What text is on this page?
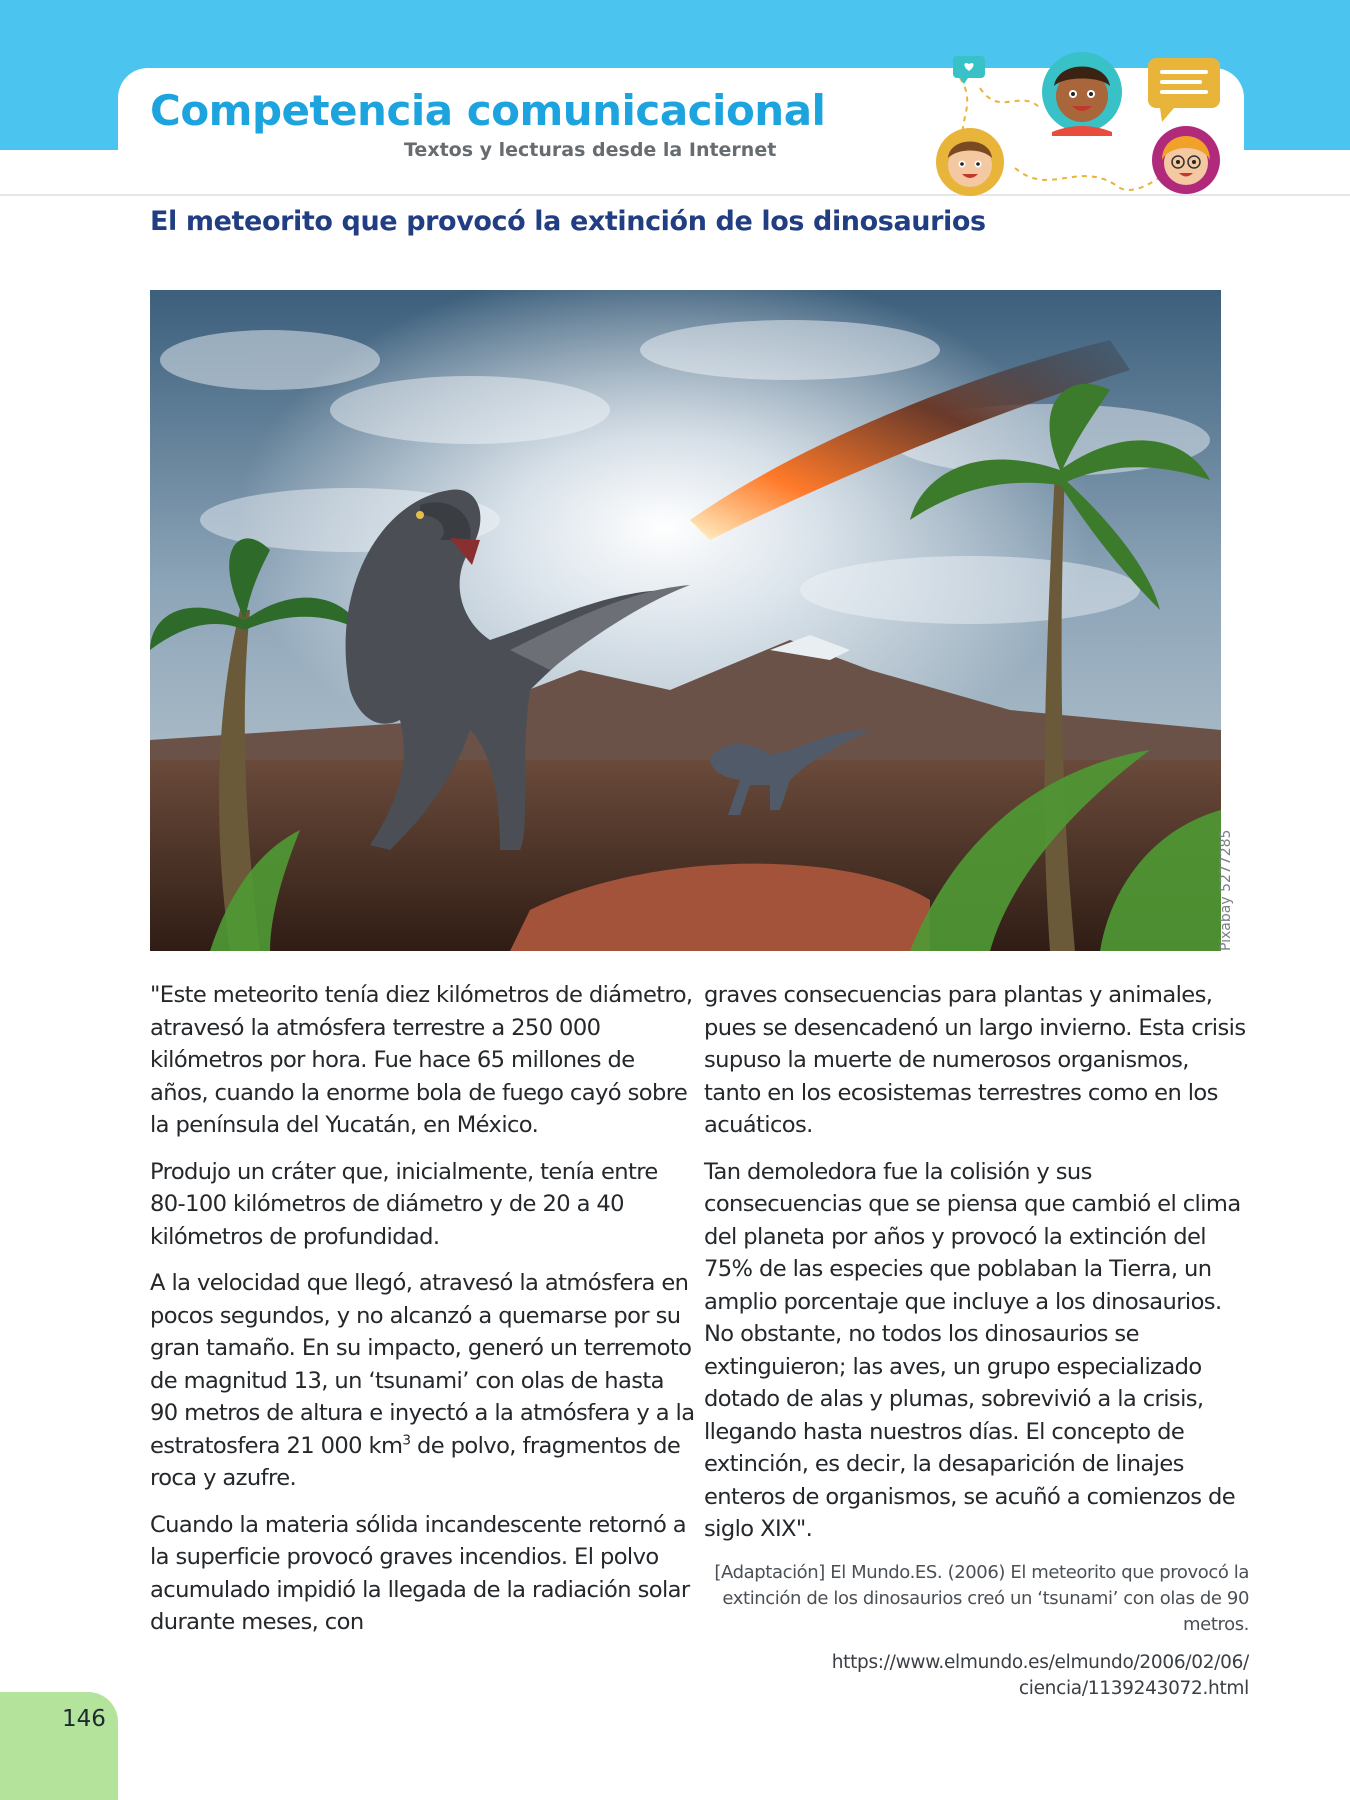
Competencia comunicacional
Textos y lecturas desde la Internet
El meteorito que provocó la extinción de los dinosaurios
Pixabay 5277285

"Este meteorito tenía diez kilómetros de diámetro, atravesó la atmósfera terrestre a 250 000 kilómetros por hora. Fue hace 65 millones de años, cuando la enorme bola de fuego cayó sobre la península del Yucatán, en México.

Produjo un cráter que, inicialmente, tenía entre 80-100 kilómetros de diámetro y de 20 a 40 kilómetros de profundidad.

A la velocidad que llegó, atravesó la atmósfera en pocos segundos, y no alcanzó a quemarse por su gran tamaño. En su impacto, generó un terremoto de magnitud 13, un ‘tsunami’ con olas de hasta 90 metros de altura e inyectó a la atmósfera y a la estratosfera 21 000 $km^3$ de polvo, fragmentos de roca y azufre.

Cuando la materia sólida incandescente retornó a la superficie provocó graves incendios. El polvo acumulado impidió la llegada de la radiación solar durante meses, con

graves consecuencias para plantas y animales, pues se desencadenó un largo invierno. Esta crisis supuso la muerte de numerosos organismos, tanto en los ecosistemas terrestres como en los acuáticos.

Tan demoledora fue la colisión y sus consecuencias que se piensa que cambió el clima del planeta por años y provocó la extinción del 75% de las especies que poblaban la Tierra, un amplio porcentaje que incluye a los dinosaurios. No obstante, no todos los dinosaurios se extinguieron; las aves, un grupo especializado dotado de alas y plumas, sobrevivió a la crisis, llegando hasta nuestros días. El concepto de extinción, es decir, la desaparición de linajes enteros de organismos, se acuñó a comienzos de siglo XIX".

[Adaptación] El Mundo.ES. (2006) El meteorito que provocó la extinción de los dinosaurios creó un ‘tsunami’ con olas de 90 metros.
https://www.elmundo.es/elmundo/2006/02/06/
ciencia/1139243072.html

146
